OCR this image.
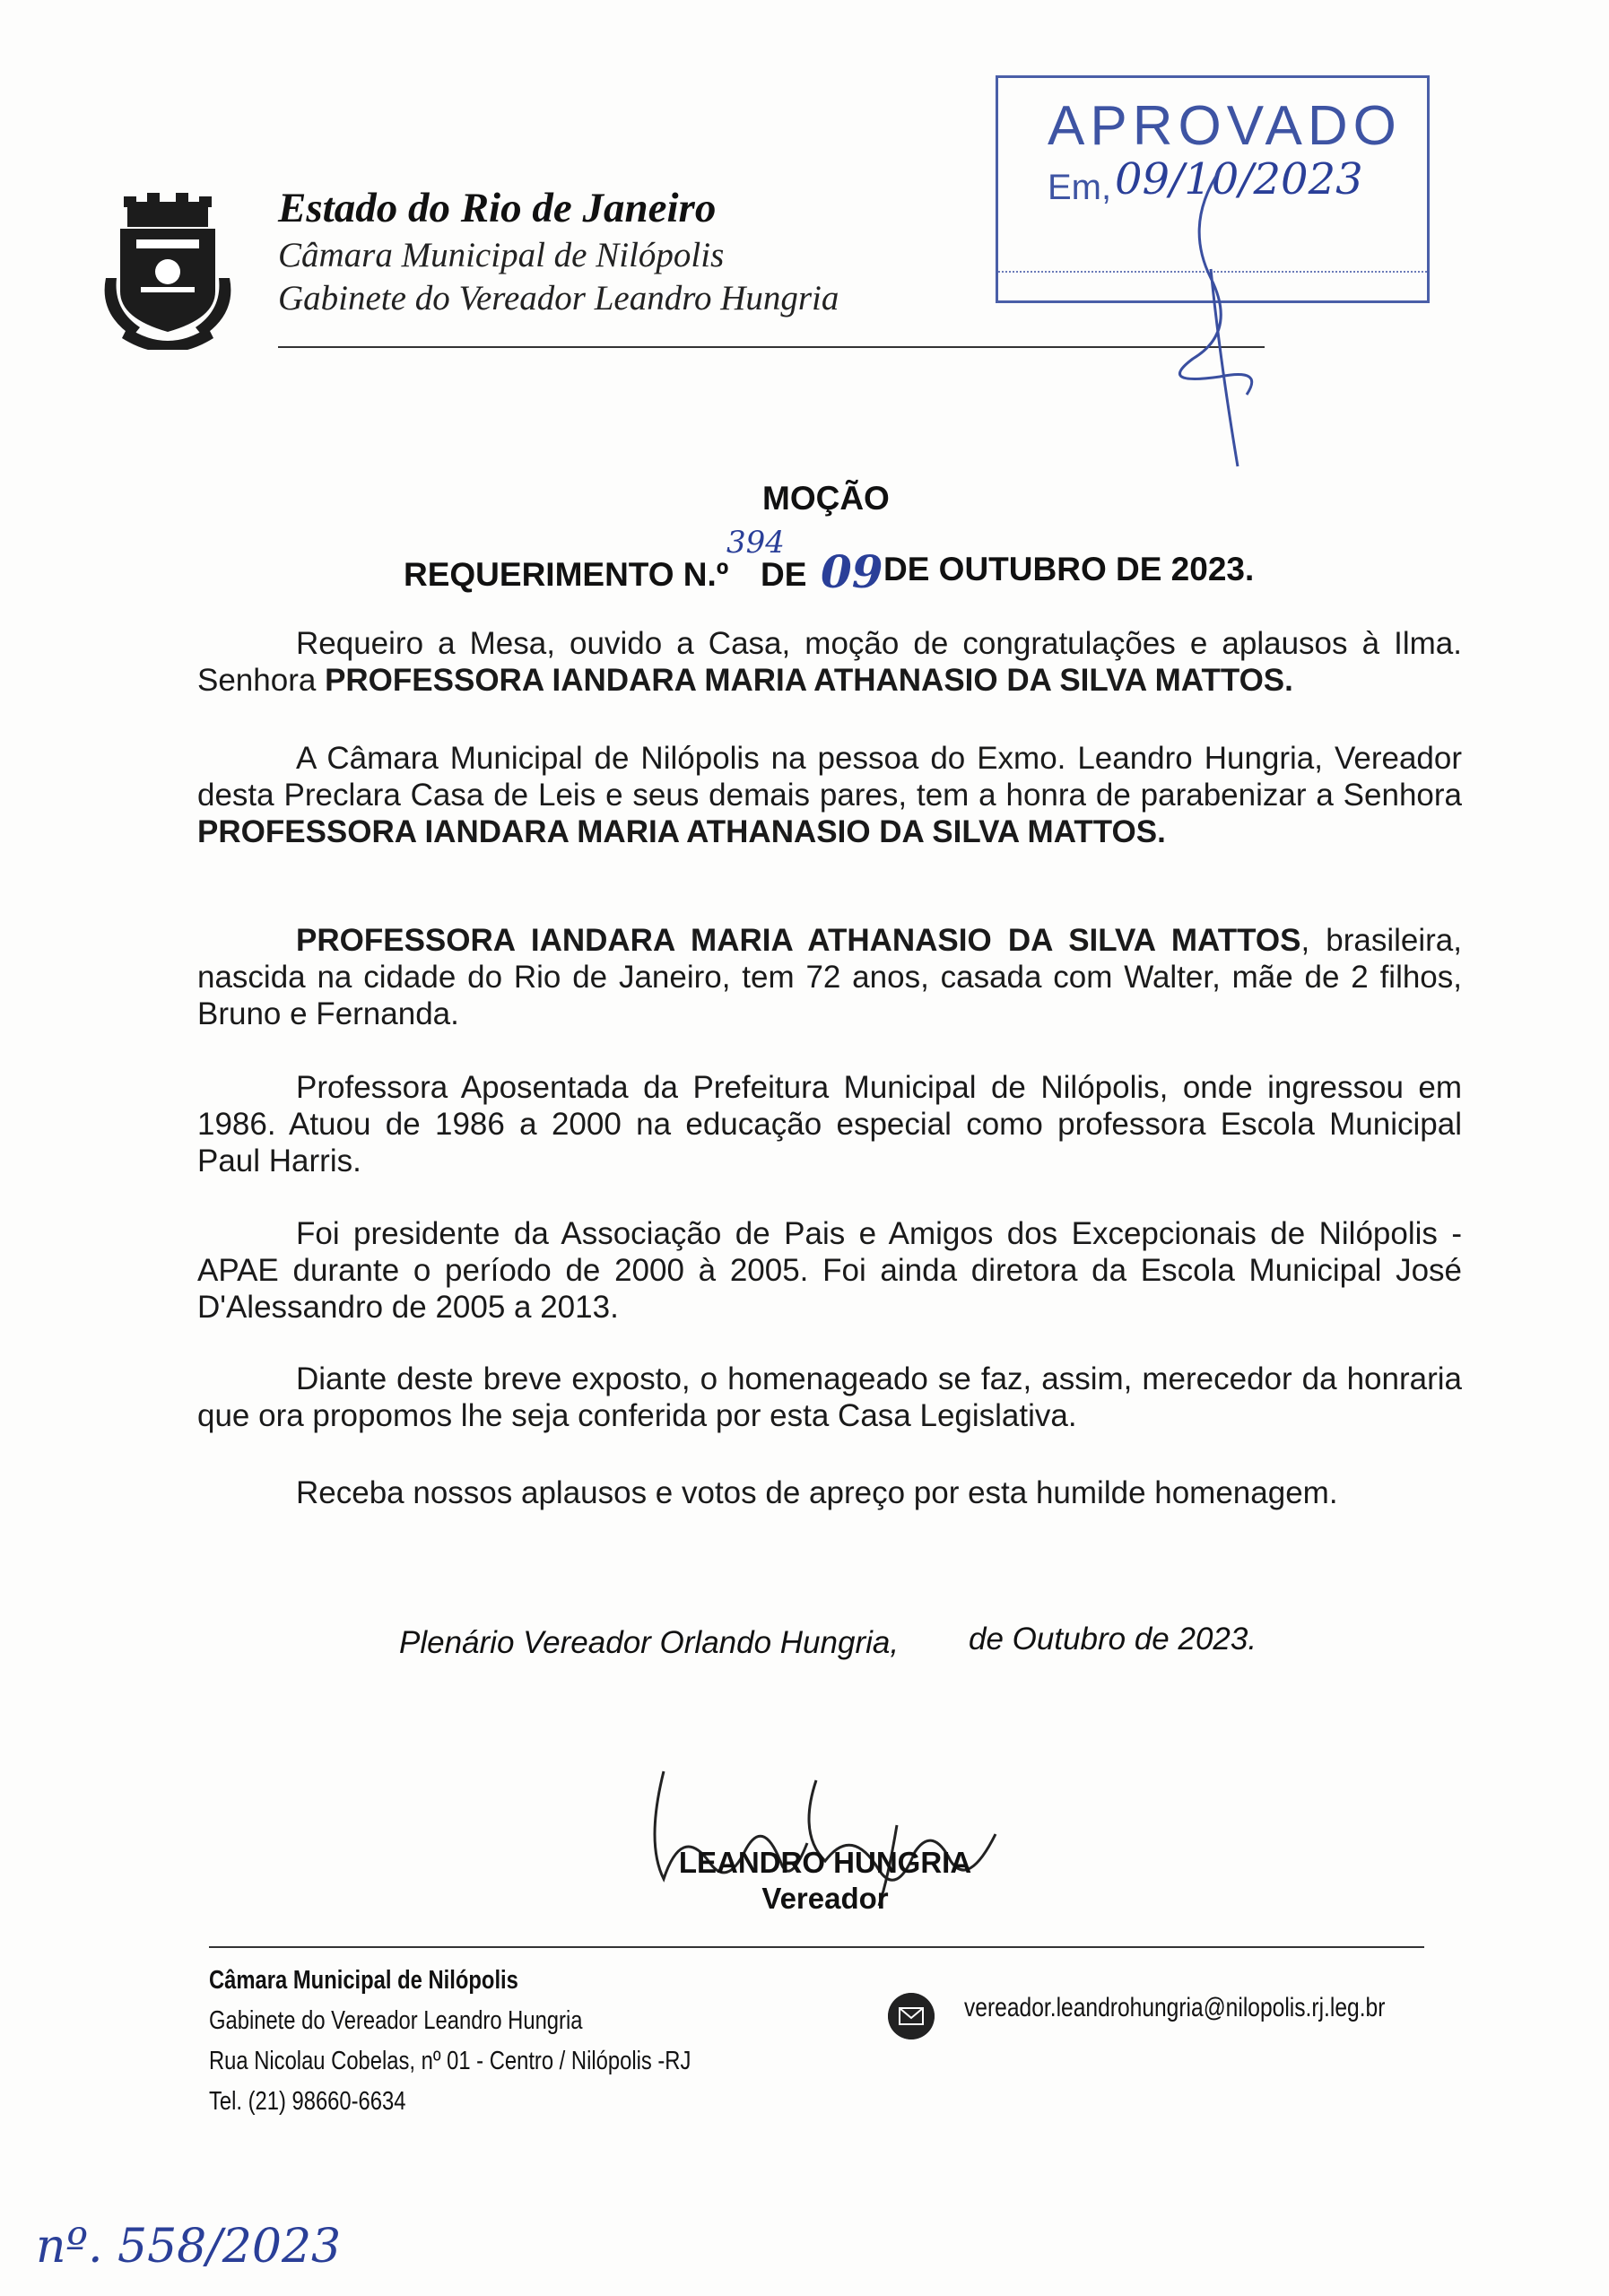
Estado do Rio de Janeiro
Câmara Municipal de Nilópolis
Gabinete do Vereador Leandro Hungria
APROVADO
Em, 09/10/2023
MOÇÃO
REQUERIMENTO N.º
394
DE 09 DE OUTUBRO DE 2023.

Requeiro a Mesa, ouvido a Casa, moção de congratulações e aplausos à Ilma. Senhora PROFESSORA IANDARA MARIA ATHANASIO DA SILVA MATTOS.

A Câmara Municipal de Nilópolis na pessoa do Exmo. Leandro Hungria, Vereador desta Preclara Casa de Leis e seus demais pares, tem a honra de parabenizar a Senhora PROFESSORA IANDARA MARIA ATHANASIO DA SILVA MATTOS.

PROFESSORA IANDARA MARIA ATHANASIO DA SILVA MATTOS, brasileira, nascida na cidade do Rio de Janeiro, tem 72 anos, casada com Walter, mãe de 2 filhos, Bruno e Fernanda.

Professora Aposentada da Prefeitura Municipal de Nilópolis, onde ingressou em 1986. Atuou de 1986 a 2000 na educação especial como professora Escola Municipal Paul Harris.

Foi presidente da Associação de Pais e Amigos dos Excepcionais de Nilópolis - APAE durante o período de 2000 à 2005. Foi ainda diretora da Escola Municipal José D'Alessandro de 2005 a 2013.

Diante deste breve exposto, o homenageado se faz, assim, merecedor da honraria que ora propomos lhe seja conferida por esta Casa Legislativa.

Receba nossos aplausos e votos de apreço por esta humilde homenagem.

Plenário Vereador Orlando Hungria, de Outubro de 2023.
LEANDRO HUNGRIA
Vereador
Câmara Municipal de Nilópolis
Gabinete do Vereador Leandro Hungria
Rua Nicolau Cobelas, nº 01 - Centro / Nilópolis -RJ
Tel. (21) 98660-6634
vereador.leandrohungria@nilopolis.rj.leg.br
nº. 558/2023
